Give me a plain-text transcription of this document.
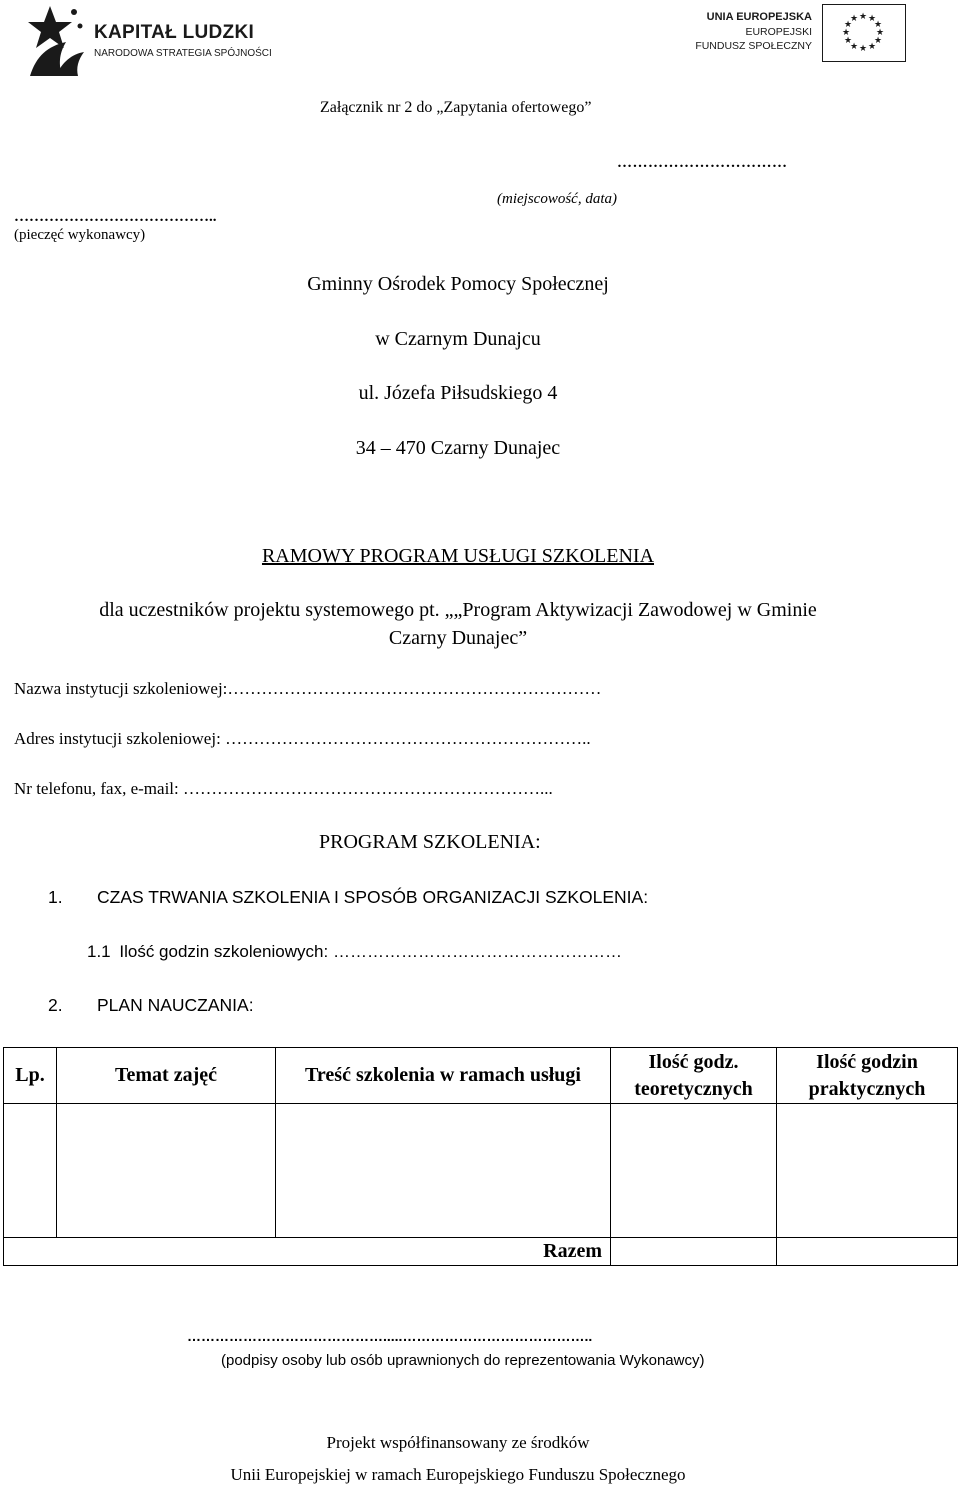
KAPITAŁ LUDZKI
NARODOWA STRATEGIA SPÓJNOŚCI
UNIA EUROPEJSKA
EUROPEJSKI
FUNDUSZ SPOŁECZNY
★ ★
★
★
★
★
★
★
★
★
★
★
Załącznik nr 2 do „Zapytania ofertowego”
……………………………
(miejscowość, data)
…………………………………..
(pieczęć wykonawcy)
Gminny Ośrodek Pomocy Społecznej
w Czarnym Dunajcu
ul. Józefa Piłsudskiego 4
34 – 470 Czarny Dunajec
RAMOWY PROGRAM USŁUGI SZKOLENIA
dla uczestników projektu systemowego pt. „„Program Aktywizacji Zawodowej w Gminie
Czarny Dunajec”
Nazwa instytucji szkoleniowej:…………………………………………………………
Adres instytucji szkoleniowej: ………………………………………………………..
Nr telefonu, fax, e-mail: ………………………………………………………...
PROGRAM SZKOLENIA:
1. CZAS TRWANIA SZKOLENIA I SPOSÓB ORGANIZACJI SZKOLENIA:
1.1 Ilość godzin szkoleniowych: ……………………………………………
2. PLAN NAUCZANIA:
Lp.	Temat zajęć	Treść szkolenia w ramach usługi	Ilość godz. teoretycznych	Ilość godzin praktycznych

Razem				
…………………………………….....…………………………………..
(podpisy osoby lub osób uprawnionych do reprezentowania Wykonawcy)
Projekt współfinansowany ze środków
Unii Europejskiej w ramach Europejskiego Funduszu Społecznego
